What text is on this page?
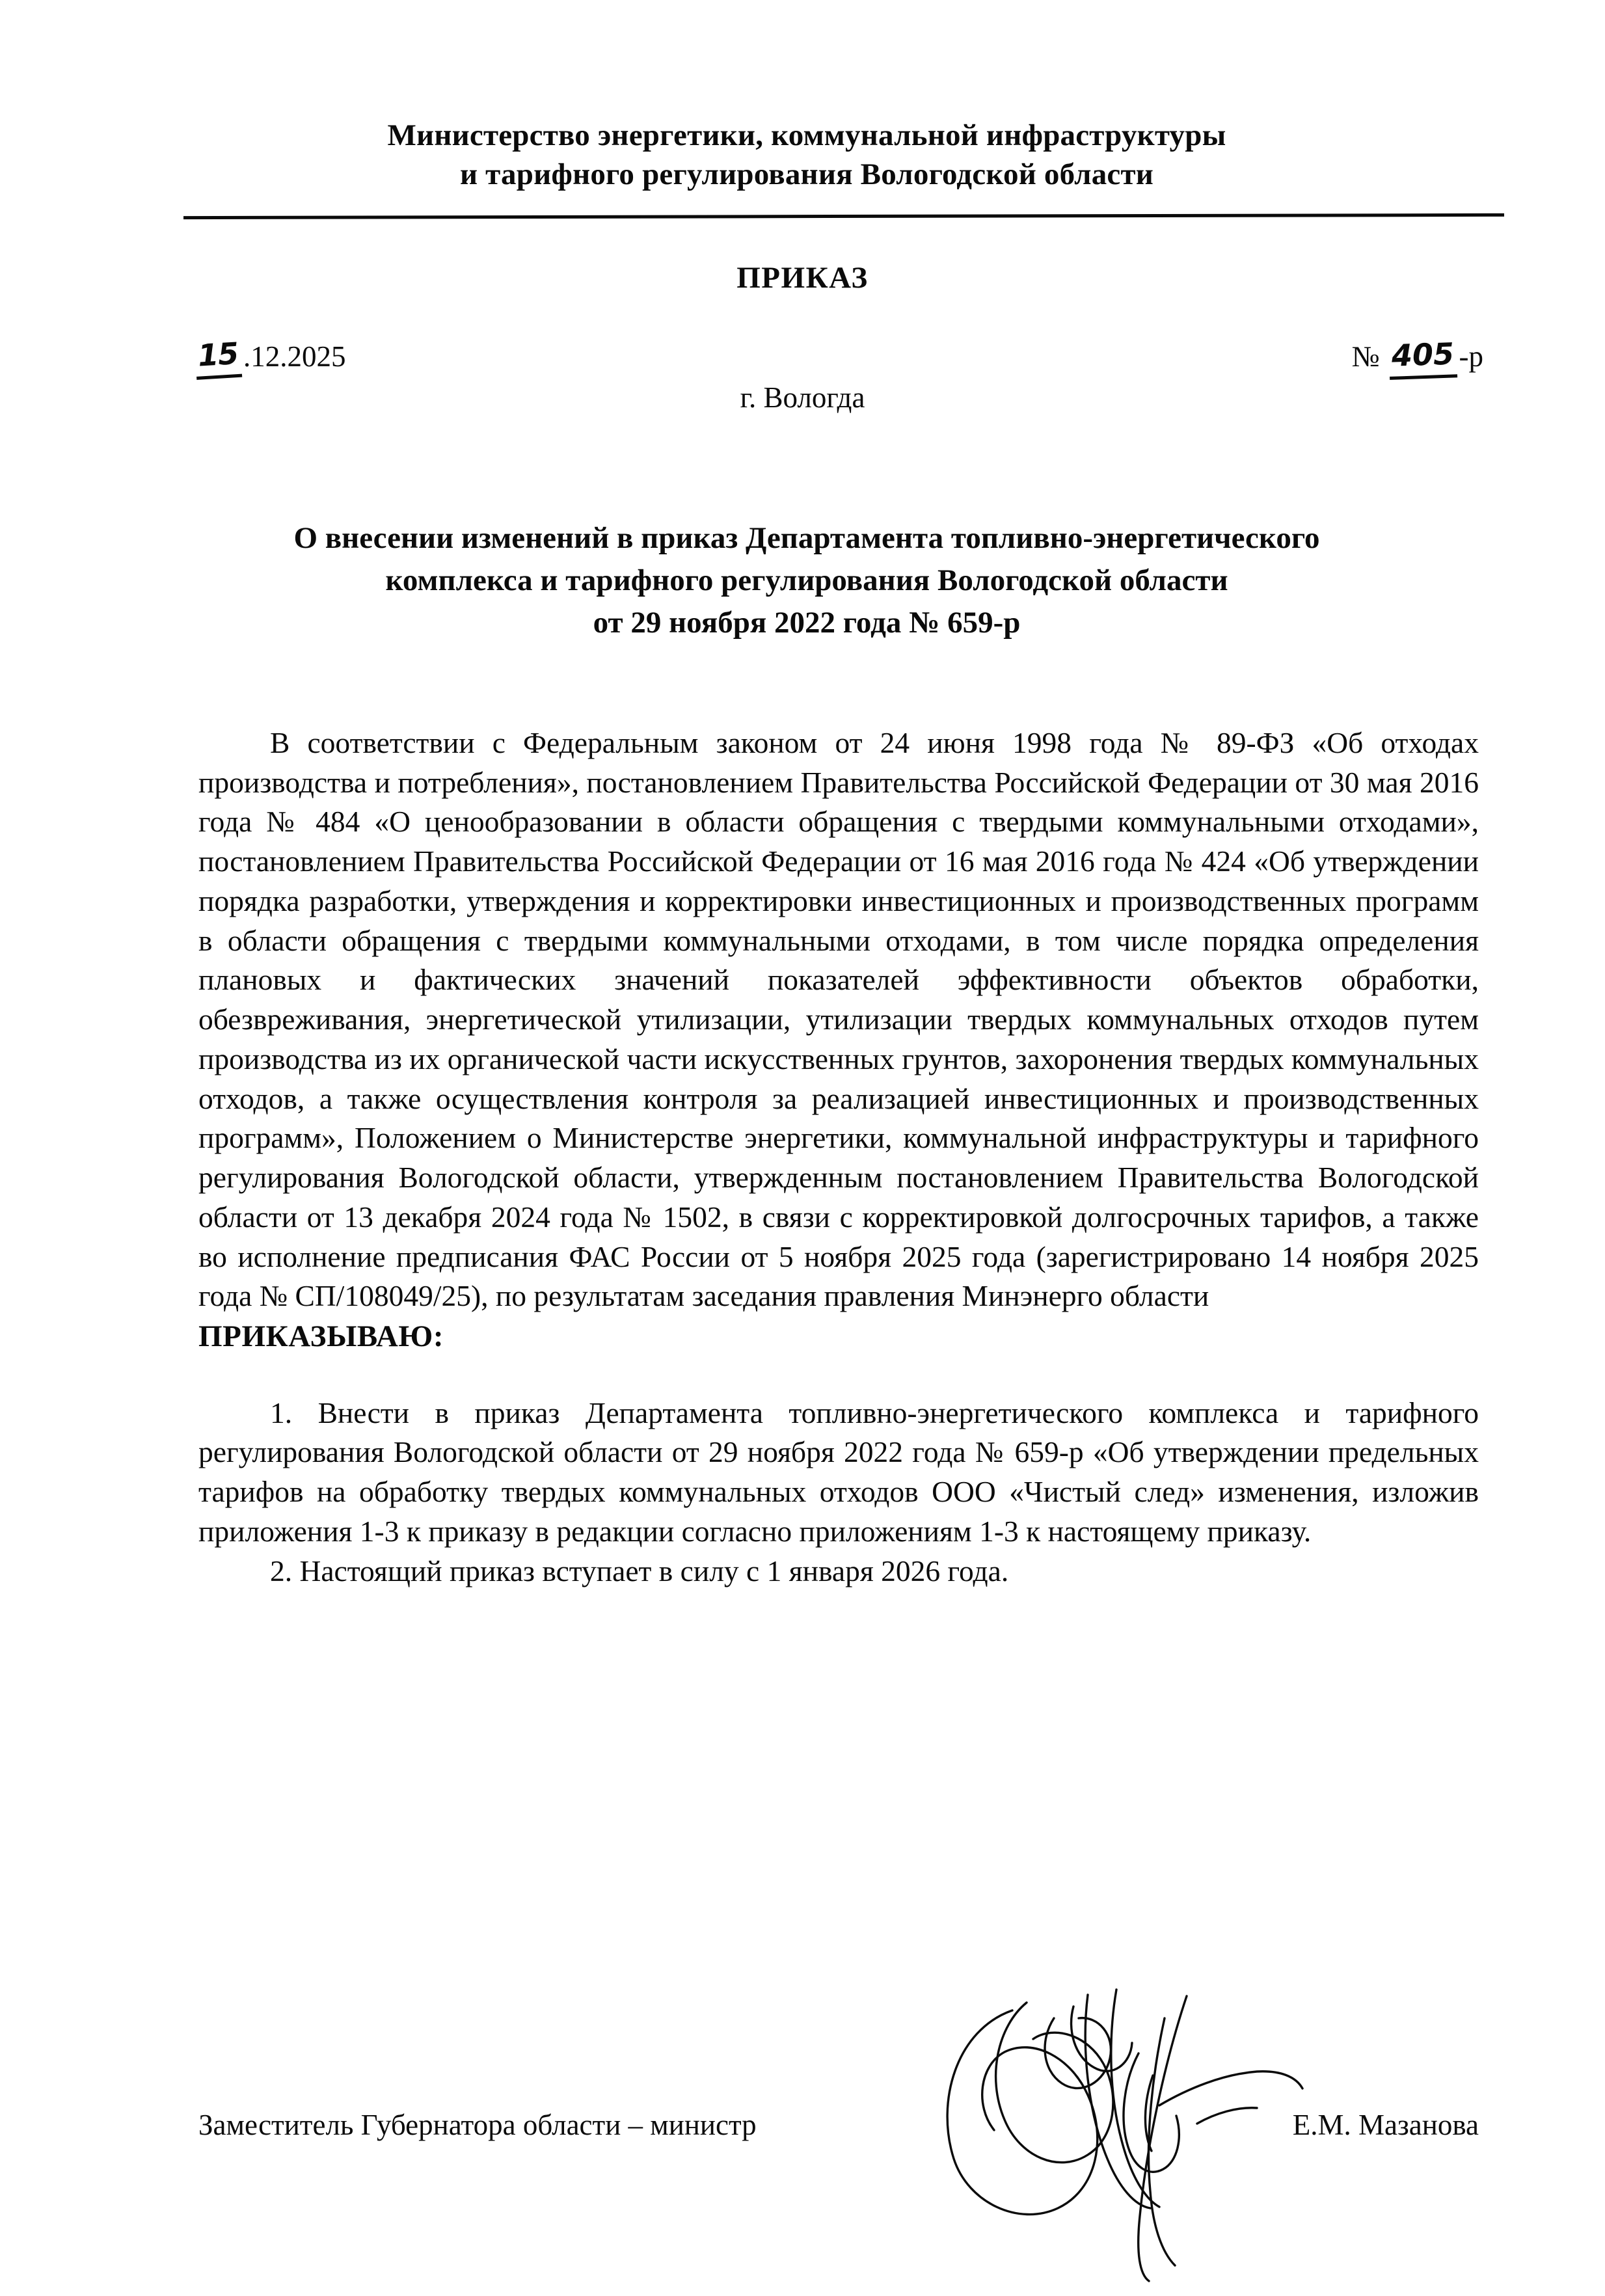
Министерство энергетики, коммунальной инфраструктуры
и тарифного регулирования Вологодской области
ПРИКАЗ
15 .12.2025	№ 405 -р
г. Вологда
О внесении изменений в приказ Департамента топливно-энергетического
комплекса и тарифного регулирования Вологодской области
от 29 ноября 2022 года № 659-р

В соответствии с Федеральным законом от 24 июня 1998 года № 89-ФЗ «Об отходах производства и потребления», постановлением Правительства Российской Федерации от 30 мая 2016 года № 484 «О ценообразовании в области обращения с твердыми коммунальными отходами», постановлением Правительства Российской Федерации от 16 мая 2016 года № 424 «Об утверждении порядка разработки, утверждения и корректировки инвестиционных и производственных программ в области обращения с твердыми коммунальными отходами, в том числе порядка определения плановых и фактических значений показателей эффективности объектов обработки, обезвреживания, энергетической утилизации, утилизации твердых коммунальных отходов путем производства из их органической части искусственных грунтов, захоронения твердых коммунальных отходов, а также осуществления контроля за реализацией инвестиционных и производственных программ», Положением о Министерстве энергетики, коммунальной инфраструктуры и тарифного регулирования Вологодской области, утвержденным постановлением Правительства Вологодской области от 13 декабря 2024 года № 1502, в связи с корректировкой долгосрочных тарифов, а также во исполнение предписания ФАС России от 5 ноября 2025 года (зарегистрировано 14 ноября 2025 года № СП/108049/25), по результатам заседания правления Минэнерго области

ПРИКАЗЫВАЮ:

1. Внести в приказ Департамента топливно-энергетического комплекса и тарифного регулирования Вологодской области от 29 ноября 2022 года № 659-р «Об утверждении предельных тарифов на обработку твердых коммунальных отходов ООО «Чистый след» изменения, изложив приложения 1-3 к приказу в редакции согласно приложениям 1-3 к настоящему приказу.

2. Настоящий приказ вступает в силу с 1 января 2026 года.

Заместитель Губернатора области – министр	Е.М. Мазанова
